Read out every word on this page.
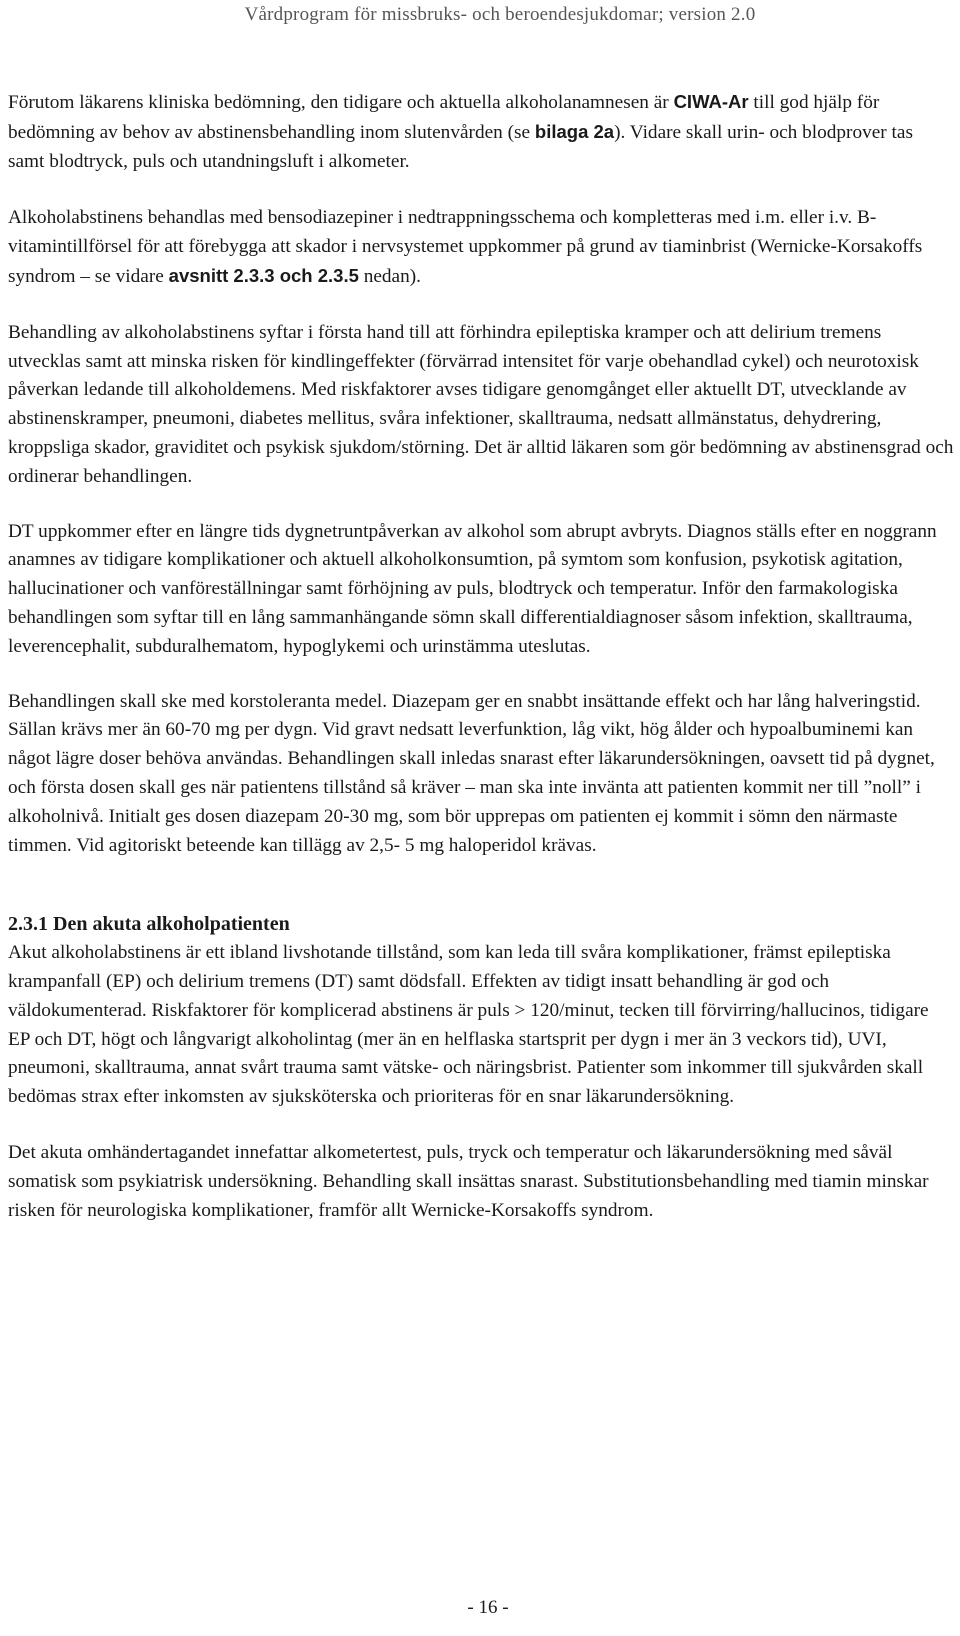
Vårdprogram för missbruks- och beroendesjukdomar; version 2.0

Förutom läkarens kliniska bedömning, den tidigare och aktuella alkoholanamnesen är CIWA-Ar till god hjälp för bedömning av behov av abstinensbehandling inom slutenvården (se bilaga 2a). Vidare skall urin- och blodprover tas samt blodtryck, puls och utandningsluft i alkometer.

Alkoholabstinens behandlas med bensodiazepiner i nedtrappningsschema och kompletteras med i.m. eller i.v. B-vitamintillförsel för att förebygga att skador i nervsystemet uppkommer på grund av tiaminbrist (Wernicke-Korsakoffs syndrom – se vidare avsnitt 2.3.3 och 2.3.5 nedan).

Behandling av alkoholabstinens syftar i första hand till att förhindra epileptiska kramper och att delirium tremens utvecklas samt att minska risken för kindlingeffekter (förvärrad intensitet för varje obehandlad cykel) och neurotoxisk påverkan ledande till alkoholdemens. Med riskfaktorer avses tidigare genomgånget eller aktuellt DT, utvecklande av abstinenskramper, pneumoni, diabetes mellitus, svåra infektioner, skalltrauma, nedsatt allmänstatus, dehydrering, kroppsliga skador, graviditet och psykisk sjukdom/störning. Det är alltid läkaren som gör bedömning av abstinensgrad och ordinerar behandlingen.

DT uppkommer efter en längre tids dygnetruntpåverkan av alkohol som abrupt avbryts. Diagnos ställs efter en noggrann anamnes av tidigare komplikationer och aktuell alkoholkonsumtion, på symtom som konfusion, psykotisk agitation, hallucinationer och vanföreställningar samt förhöjning av puls, blodtryck och temperatur. Inför den farmakologiska behandlingen som syftar till en lång sammanhängande sömn skall differentialdiagnoser såsom infektion, skalltrauma, leverencephalit, subduralhematom, hypoglykemi och urinstämma uteslutas.

Behandlingen skall ske med korstoleranta medel. Diazepam ger en snabbt insättande effekt och har lång halveringstid. Sällan krävs mer än 60-70 mg per dygn. Vid gravt nedsatt leverfunktion, låg vikt, hög ålder och hypoalbuminemi kan något lägre doser behöva användas. Behandlingen skall inledas snarast efter läkarundersökningen, oavsett tid på dygnet, och första dosen skall ges när patientens tillstånd så kräver – man ska inte invänta att patienten kommit ner till ”noll” i alkoholnivå. Initialt ges dosen diazepam 20-30 mg, som bör upprepas om patienten ej kommit i sömn den närmaste timmen. Vid agitoriskt beteende kan tillägg av 2,5- 5 mg haloperidol krävas.

2.3.1 Den akuta alkoholpatienten

Akut alkoholabstinens är ett ibland livshotande tillstånd, som kan leda till svåra komplikationer, främst epileptiska krampanfall (EP) och delirium tremens (DT) samt dödsfall. Effekten av tidigt insatt behandling är god och väldokumenterad. Riskfaktorer för komplicerad abstinens är puls > 120/minut, tecken till förvirring/hallucinos, tidigare EP och DT, högt och långvarigt alkoholintag (mer än en helflaska startsprit per dygn i mer än 3 veckors tid), UVI, pneumoni, skalltrauma, annat svårt trauma samt vätske- och näringsbrist. Patienter som inkommer till sjukvården skall bedömas strax efter inkomsten av sjuksköterska och prioriteras för en snar läkarundersökning.

Det akuta omhändertagandet innefattar alkometertest, puls, tryck och temperatur och läkarundersökning med såväl somatisk som psykiatrisk undersökning. Behandling skall insättas snarast. Substitutionsbehandling med tiamin minskar risken för neurologiska komplikationer, framför allt Wernicke-Korsakoffs syndrom.

- 16 -
